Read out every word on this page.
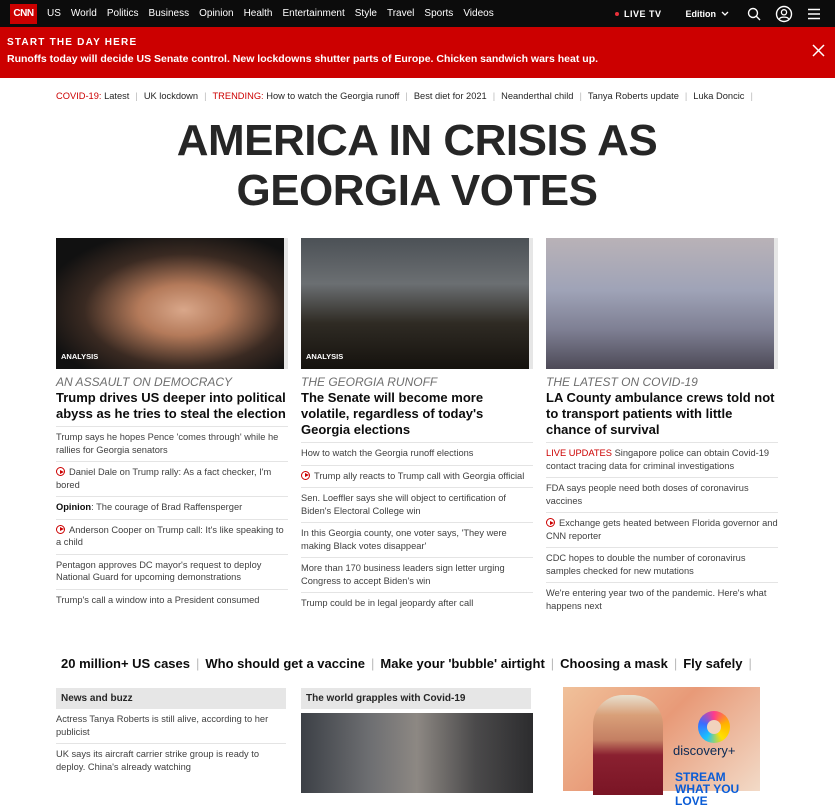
CNN	US World Politics Business Opinion Health Entertainment Style Travel Sports Videos	LIVE TV	Edition
START THE DAY HERE
Runoffs today will decide US Senate control. New lockdowns shutter parts of Europe. Chicken sandwich wars heat up.
COVID-19: Latest | UK lockdown | TRENDING: How to watch the Georgia runoff | Best diet for 2021 | Neanderthal child | Tanya Roberts update | Luka Doncic |
AMERICA IN CRISIS AS GEORGIA VOTES
ANALYSIS
AN ASSAULT ON DEMOCRACY
Trump drives US deeper into political abyss as he tries to steal the election
Trump says he hopes Pence 'comes through' while he rallies for Georgia senators
Daniel Dale on Trump rally: As a fact checker, I'm bored
Opinion: The courage of Brad Raffensperger
Anderson Cooper on Trump call: It's like speaking to a child
Pentagon approves DC mayor's request to deploy National Guard for upcoming demonstrations
Trump's call a window into a President consumed
ANALYSIS
THE GEORGIA RUNOFF
The Senate will become more volatile, regardless of today's Georgia elections
How to watch the Georgia runoff elections
Trump ally reacts to Trump call with Georgia official
Sen. Loeffler says she will object to certification of Biden's Electoral College win
In this Georgia county, one voter says, 'They were making Black votes disappear'
More than 170 business leaders sign letter urging Congress to accept Biden's win
Trump could be in legal jeopardy after call
THE LATEST ON COVID-19
LA County ambulance crews told not to transport patients with little chance of survival
LIVE UPDATES Singapore police can obtain Covid-19 contact tracing data for criminal investigations
FDA says people need both doses of coronavirus vaccines
Exchange gets heated between Florida governor and CNN reporter
CDC hopes to double the number of coronavirus samples checked for new mutations
We're entering year two of the pandemic. Here's what happens next
20 million+ US cases | Who should get a vaccine | Make your 'bubble' airtight | Choosing a mask | Fly safely |
News and buzz
Actress Tanya Roberts is still alive, according to her publicist
UK says its aircraft carrier strike group is ready to deploy. China's already watching
The world grapples with Covid-19
discovery+
STREAM WHAT YOU LOVE
